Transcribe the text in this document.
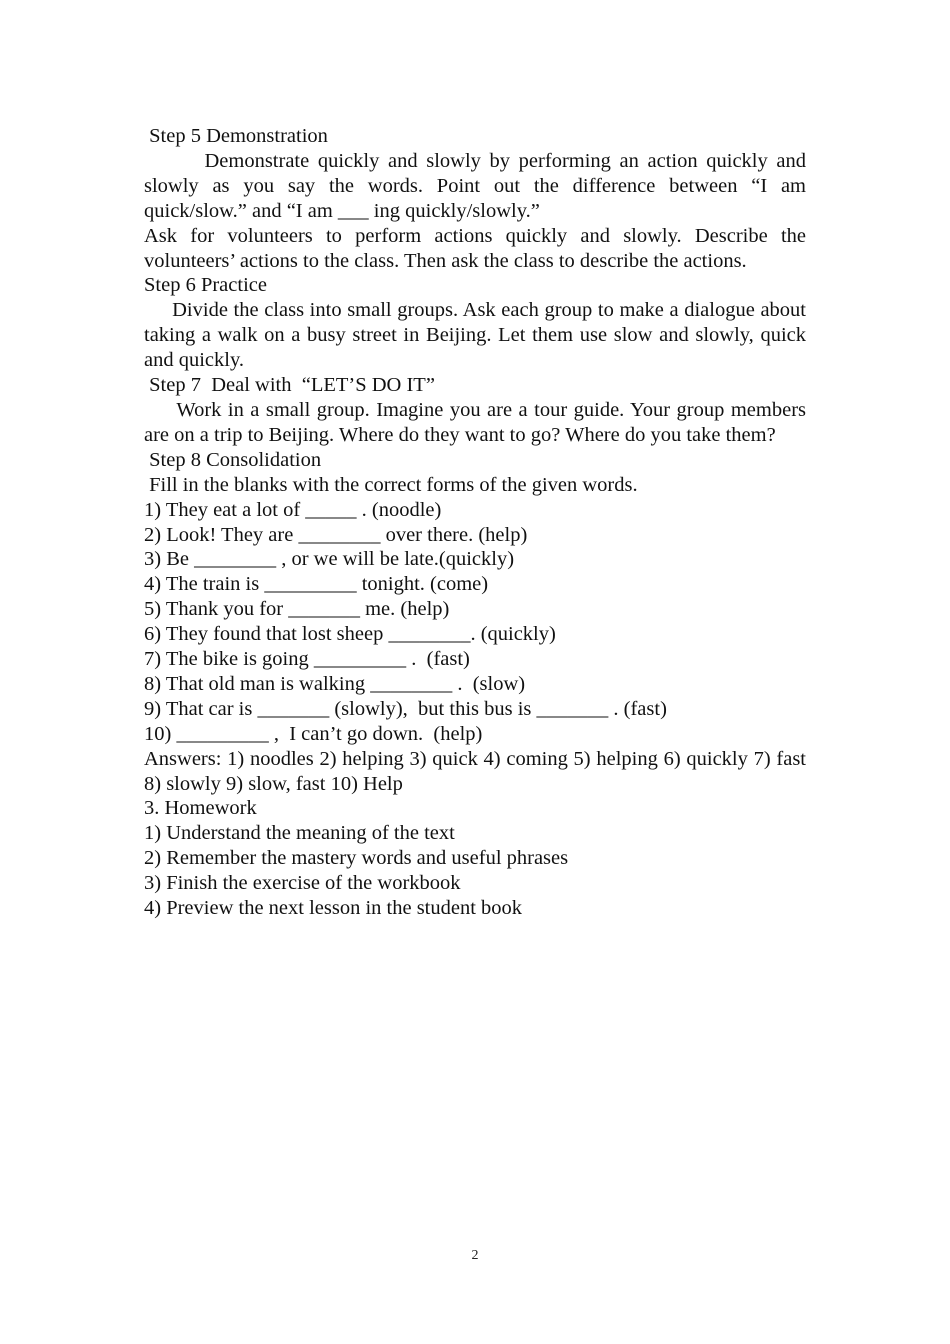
Step 5 Demonstration
Demonstrate quickly and slowly by performing an action quickly and slowly as you say the words. Point out the difference between “I am quick/slow.” and “I am ___ ing quickly/slowly.”
Ask for volunteers to perform actions quickly and slowly. Describe the volunteers’ actions to the class. Then ask the class to describe the actions.
Step 6 Practice
Divide the class into small groups. Ask each group to make a dialogue about taking a walk on a busy street in Beijing. Let them use slow and slowly, quick and quickly.
Step 7  Deal with  “LET’S DO IT”
Work in a small group. Imagine you are a tour guide. Your group members are on a trip to Beijing. Where do they want to go? Where do you take them?
Step 8 Consolidation
Fill in the blanks with the correct forms of the given words.
1) They eat a lot of _____ . (noodle)
2) Look! They are ________ over there. (help)
3) Be ________ , or we will be late.(quickly)
4) The train is _________ tonight. (come)
5) Thank you for _______ me. (help)
6) They found that lost sheep ________. (quickly)
7) The bike is going _________ .  (fast)
8) That old man is walking ________ .  (slow)
9) That car is _______ (slowly),  but this bus is _______ . (fast)
10) _________ ,  I can’t go down.  (help)
Answers: 1) noodles 2) helping 3) quick 4) coming 5) helping 6) quickly 7) fast 8) slowly 9) slow, fast 10) Help
3. Homework
1) Understand the meaning of the text
2) Remember the mastery words and useful phrases
3) Finish the exercise of the workbook
4) Preview the next lesson in the student book
2
